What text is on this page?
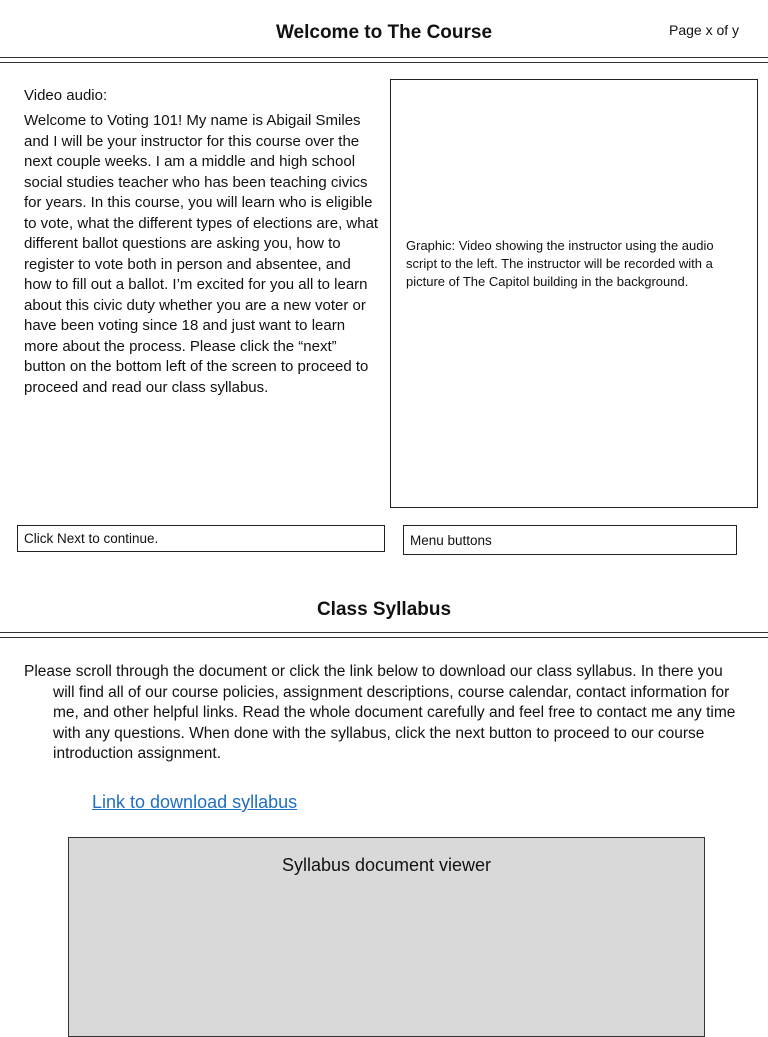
Welcome to The Course	Page x of y
Video audio:
Welcome to Voting 101! My name is Abigail Smiles and I will be your instructor for this course over the next couple weeks. I am a middle and high school social studies teacher who has been teaching civics for years. In this course, you will learn who is eligible to vote, what the different types of elections are, what different ballot questions are asking you, how to register to vote both in person and absentee, and how to fill out a ballot. I’m excited for you all to learn about this civic duty whether you are a new voter or have been voting since 18 and just want to learn more about the process. Please click the “next” button on the bottom left of the screen to proceed to proceed and read our class syllabus.
Graphic: Video showing the instructor using the audio script to the left. The instructor will be recorded with a picture of The Capitol building in the background.
Click Next to continue.	Menu buttons
Class Syllabus
Please scroll through the document or click the link below to download our class syllabus. In there you will find all of our course policies, assignment descriptions, course calendar, contact information for me, and other helpful links. Read the whole document carefully and feel free to contact me any time with any questions. When done with the syllabus, click the next button to proceed to our course introduction assignment.
Link to download syllabus
Syllabus document viewer
